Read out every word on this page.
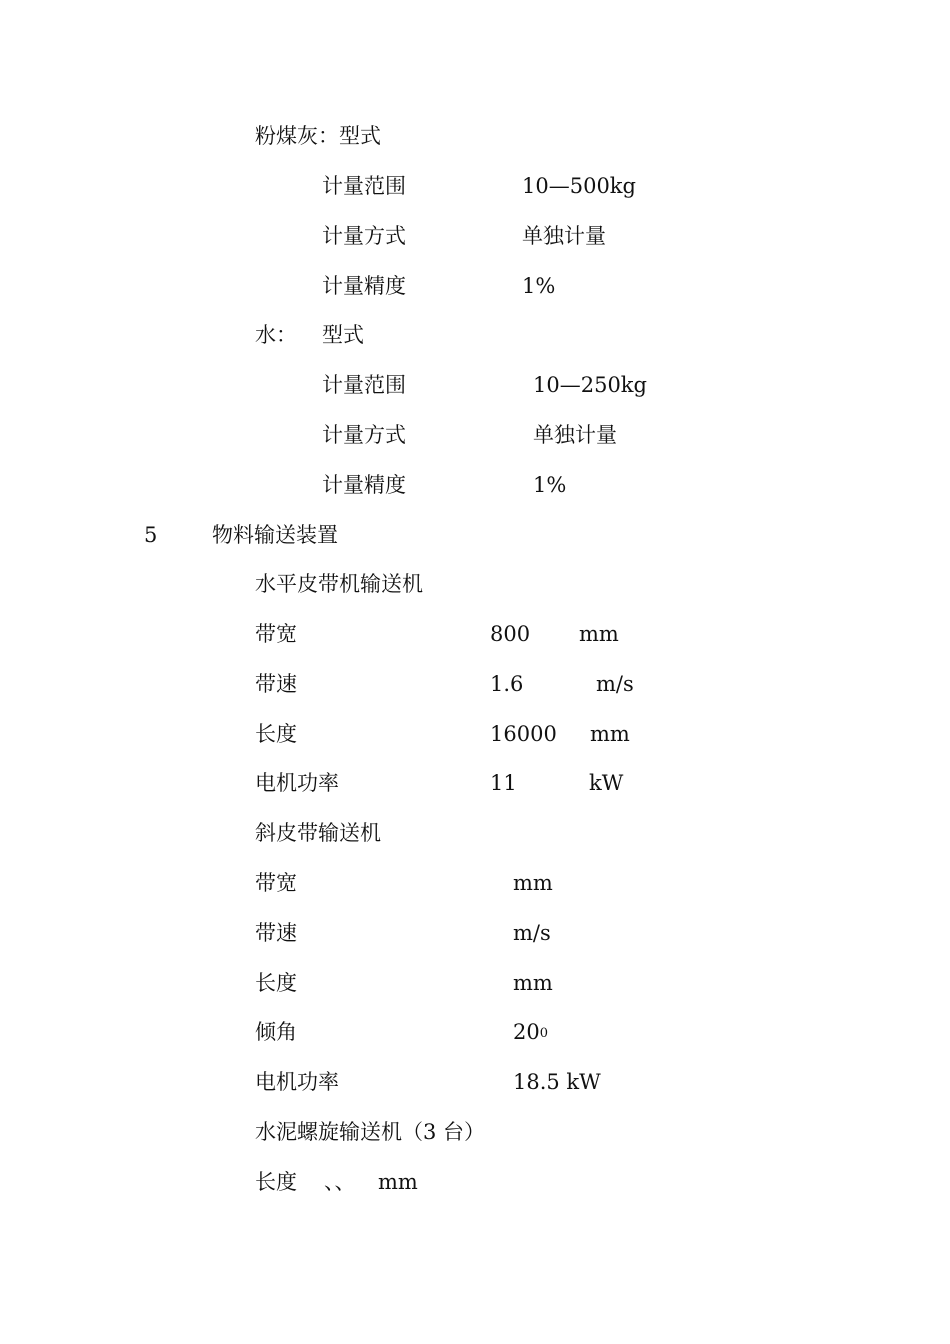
粉煤灰：型式
计量范围	10—500kg
计量方式	单独计量
计量精度	1%
水： 型式
计量范围	10—250kg
计量方式	单独计量
计量精度	1%
5	物料输送装置
水平皮带机输送机
带宽	800 mm
带速	1.6	m/s
长度	16000 mm
电机功率	11	kW
斜皮带输送机
带宽	mm
带速	m/s
长度	mm
倾角	200
电机功率	18.5 kW
水泥螺旋输送机（3 台）
长度 、、 mm
